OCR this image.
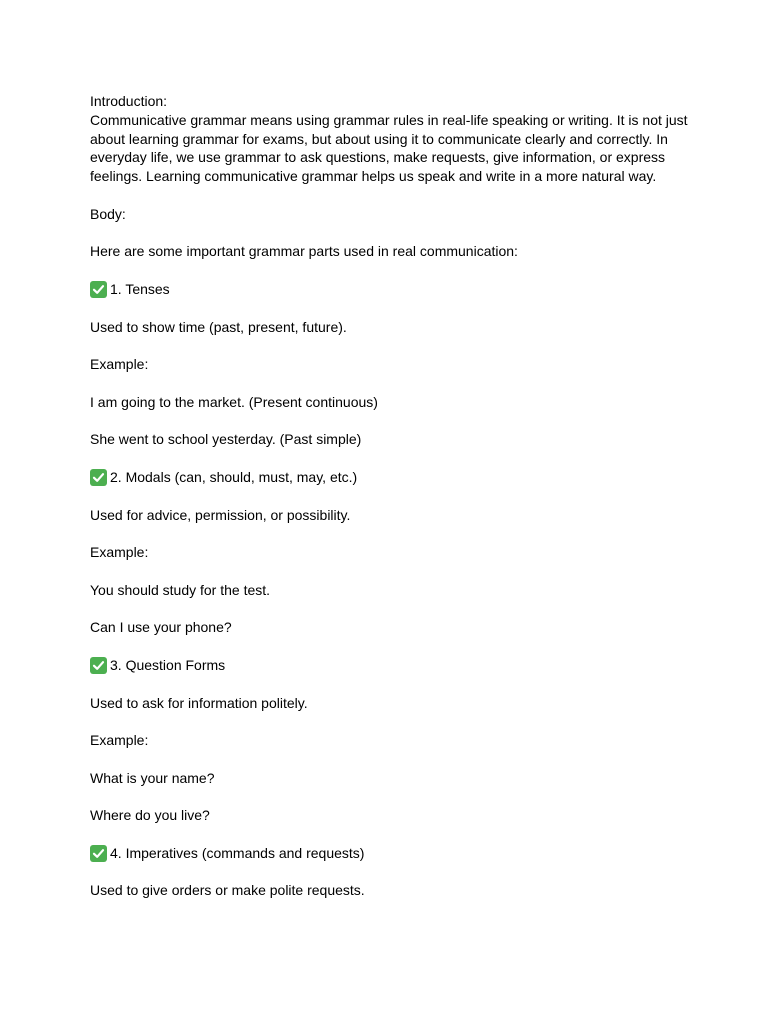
Introduction:
Communicative grammar means using grammar rules in real-life speaking or writing. It is not just about learning grammar for exams, but about using it to communicate clearly and correctly. In everyday life, we use grammar to ask questions, make requests, give information, or express feelings. Learning communicative grammar helps us speak and write in a more natural way.
Body:
Here are some important grammar parts used in real communication:
1. Tenses
Used to show time (past, present, future).
Example:
I am going to the market. (Present continuous)
She went to school yesterday. (Past simple)
2. Modals (can, should, must, may, etc.)
Used for advice, permission, or possibility.
Example:
You should study for the test.
Can I use your phone?
3. Question Forms
Used to ask for information politely.
Example:
What is your name?
Where do you live?
4. Imperatives (commands and requests)
Used to give orders or make polite requests.
